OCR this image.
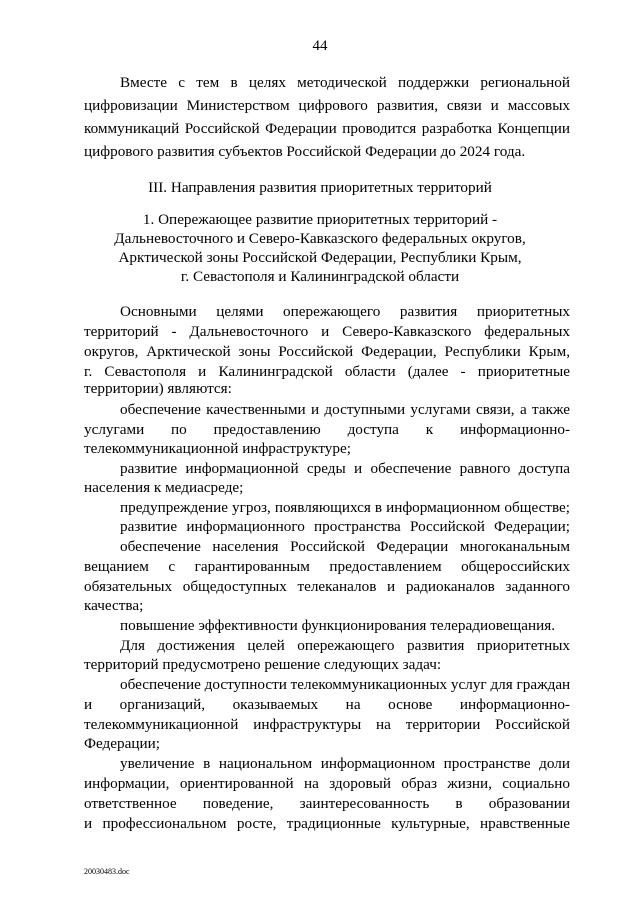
44
Вместе с тем в целях методической поддержки региональной
цифровизации Министерством цифрового развития, связи и массовых
коммуникаций Российской Федерации проводится разработка Концепции
цифрового развития субъектов Российской Федерации до 2024 года.
III. Направления развития приоритетных территорий
1. Опережающее развитие приоритетных территорий -
Дальневосточного и Северо-Кавказского федеральных округов,
Арктической зоны Российской Федерации, Республики Крым,
г. Севастополя и Калининградской области
Основными целями опережающего развития приоритетных
территорий - Дальневосточного и Северо-Кавказского федеральных
округов, Арктической зоны Российской Федерации, Республики Крым,
г. Севастополя и Калининградской области (далее - приоритетные
территории) являются:
обеспечение качественными и доступными услугами связи, а также
услугами по предоставлению доступа к информационно-
телекоммуникационной инфраструктуре;
развитие информационной среды и обеспечение равного доступа
населения к медиасреде;
предупреждение угроз, появляющихся в информационном обществе;
развитие информационного пространства Российской Федерации;
обеспечение населения Российской Федерации многоканальным
вещанием с гарантированным предоставлением общероссийских
обязательных общедоступных телеканалов и радиоканалов заданного
качества;
повышение эффективности функционирования телерадиовещания.
Для достижения целей опережающего развития приоритетных
территорий предусмотрено решение следующих задач:
обеспечение доступности телекоммуникационных услуг для граждан
и организаций, оказываемых на основе информационно-
телекоммуникационной инфраструктуры на территории Российской
Федерации;
увеличение в национальном информационном пространстве доли
информации, ориентированной на здоровый образ жизни, социально
ответственное поведение, заинтересованность в образовании
и профессиональном росте, традиционные культурные, нравственные
20030483.doc
